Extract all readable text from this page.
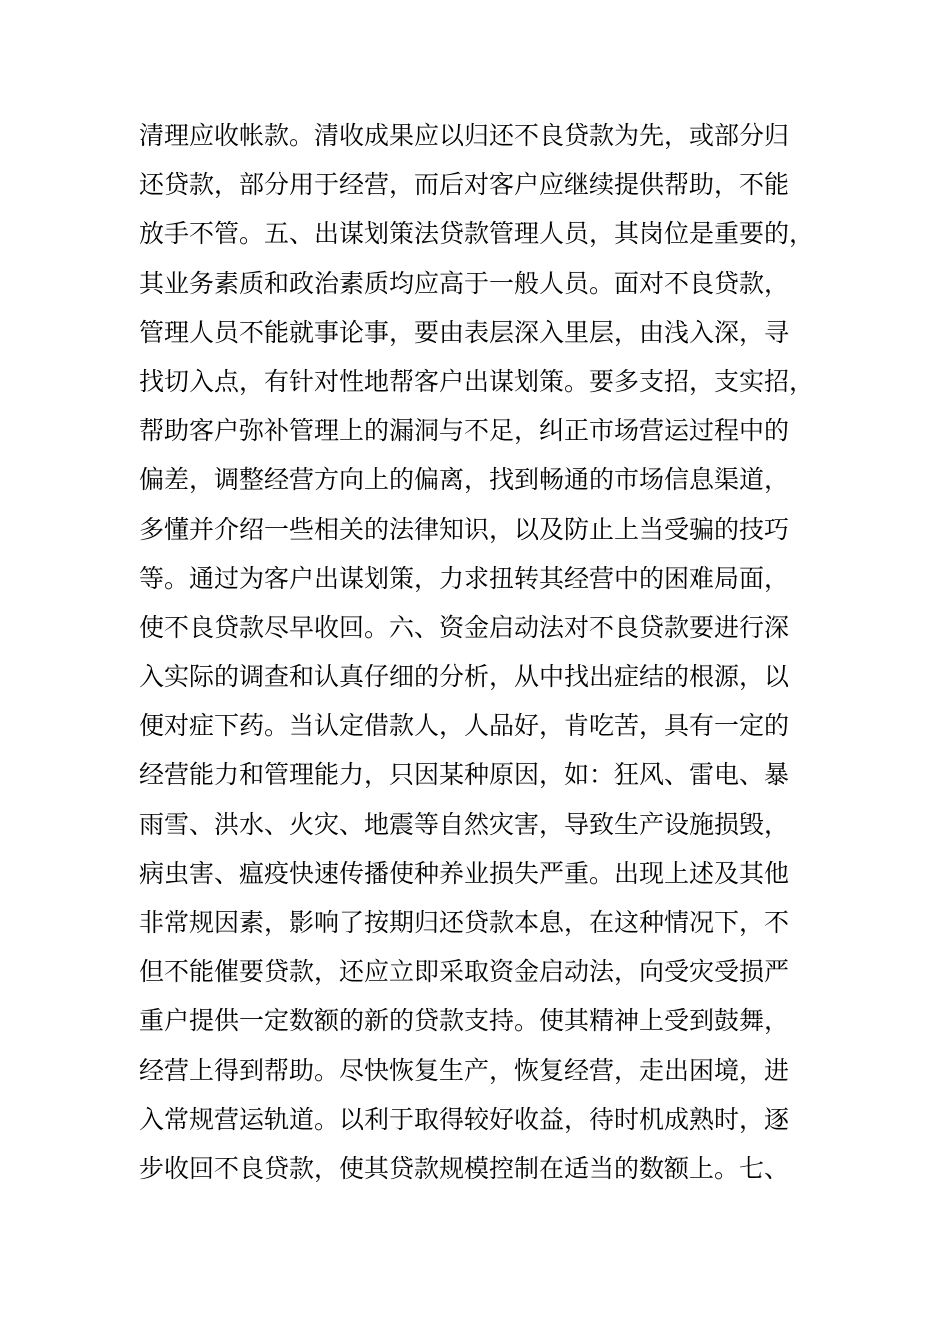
清理应收帐款。清收成果应以归还不良贷款为先，或部分归
还贷款，部分用于经营，而后对客户应继续提供帮助，不能
放手不管。五、出谋划策法贷款管理人员，其岗位是重要的，
其业务素质和政治素质均应高于一般人员。面对不良贷款，
管理人员不能就事论事，要由表层深入里层，由浅入深，寻
找切入点，有针对性地帮客户出谋划策。要多支招，支实招，
帮助客户弥补管理上的漏洞与不足，纠正市场营运过程中的
偏差，调整经营方向上的偏离，找到畅通的市场信息渠道，
多懂并介绍一些相关的法律知识，以及防止上当受骗的技巧
等。通过为客户出谋划策，力求扭转其经营中的困难局面，
使不良贷款尽早收回。六、资金启动法对不良贷款要进行深
入实际的调查和认真仔细的分析，从中找出症结的根源，以
便对症下药。当认定借款人，人品好，肯吃苦，具有一定的
经营能力和管理能力，只因某种原因，如：狂风、雷电、暴
雨雪、洪水、火灾、地震等自然灾害，导致生产设施损毁，
病虫害、瘟疫快速传播使种养业损失严重。出现上述及其他
非常规因素，影响了按期归还贷款本息，在这种情况下，不
但不能催要贷款，还应立即采取资金启动法，向受灾受损严
重户提供一定数额的新的贷款支持。使其精神上受到鼓舞，
经营上得到帮助。尽快恢复生产，恢复经营，走出困境，进
入常规营运轨道。以利于取得较好收益，待时机成熟时，逐
步收回不良贷款，使其贷款规模控制在适当的数额上。七、
